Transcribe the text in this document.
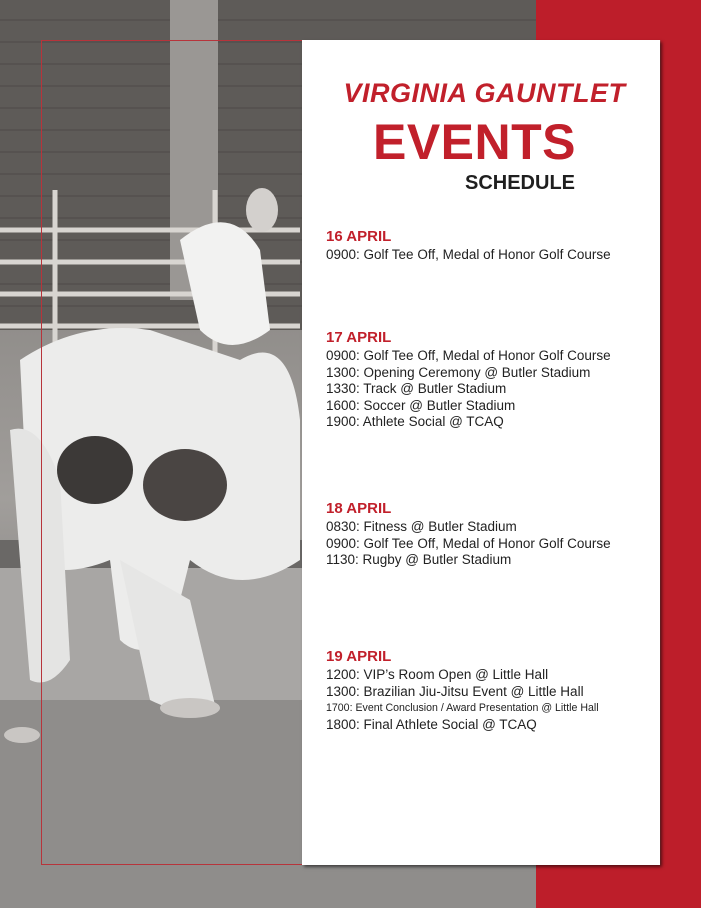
VIRGINIA GAUNTLET
EVENTS
SCHEDULE
16 APRIL
0900: Golf Tee Off, Medal of Honor Golf Course
17 APRIL
0900: Golf Tee Off, Medal of Honor Golf Course
1300: Opening Ceremony @ Butler Stadium
1330: Track @ Butler Stadium
1600: Soccer @ Butler Stadium
1900: Athlete Social @ TCAQ
18 APRIL
0830: Fitness @ Butler Stadium
0900: Golf Tee Off, Medal of Honor Golf Course
1130: Rugby @ Butler Stadium
19 APRIL
1200: VIP’s Room Open @ Little Hall
1300: Brazilian Jiu-Jitsu Event @ Little Hall
1700: Event Conclusion / Award Presentation @ Little Hall
1800: Final Athlete Social @ TCAQ
